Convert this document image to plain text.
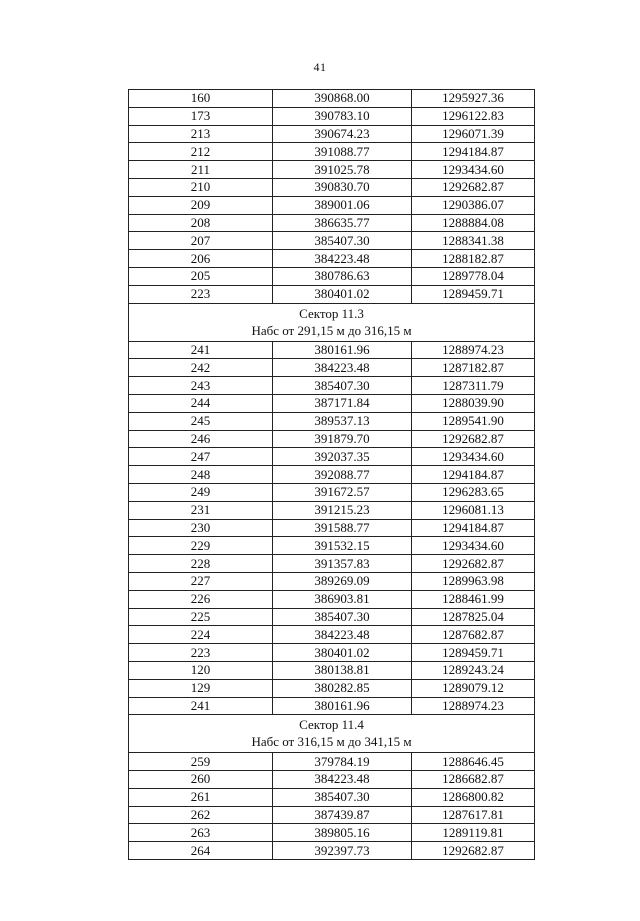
41
160	390868.00	1295927.36
173	390783.10	1296122.83
213	390674.23	1296071.39
212	391088.77	1294184.87
211	391025.78	1293434.60
210	390830.70	1292682.87
209	389001.06	1290386.07
208	386635.77	1288884.08
207	385407.30	1288341.38
206	384223.48	1288182.87
205	380786.63	1289778.04
223	380401.02	1289459.71

Сектор 11.3
Набс от 291,15 м до 316,15 м		

241	380161.96	1288974.23
242	384223.48	1287182.87
243	385407.30	1287311.79
244	387171.84	1288039.90
245	389537.13	1289541.90
246	391879.70	1292682.87
247	392037.35	1293434.60
248	392088.77	1294184.87
249	391672.57	1296283.65
231	391215.23	1296081.13
230	391588.77	1294184.87
229	391532.15	1293434.60
228	391357.83	1292682.87
227	389269.09	1289963.98
226	386903.81	1288461.99
225	385407.30	1287825.04
224	384223.48	1287682.87
223	380401.02	1289459.71
120	380138.81	1289243.24
129	380282.85	1289079.12
241	380161.96	1288974.23

Сектор 11.4
Набс от 316,15 м до 341,15 м		

259	379784.19	1288646.45
260	384223.48	1286682.87
261	385407.30	1286800.82
262	387439.87	1287617.81
263	389805.16	1289119.81
264	392397.73	1292682.87
